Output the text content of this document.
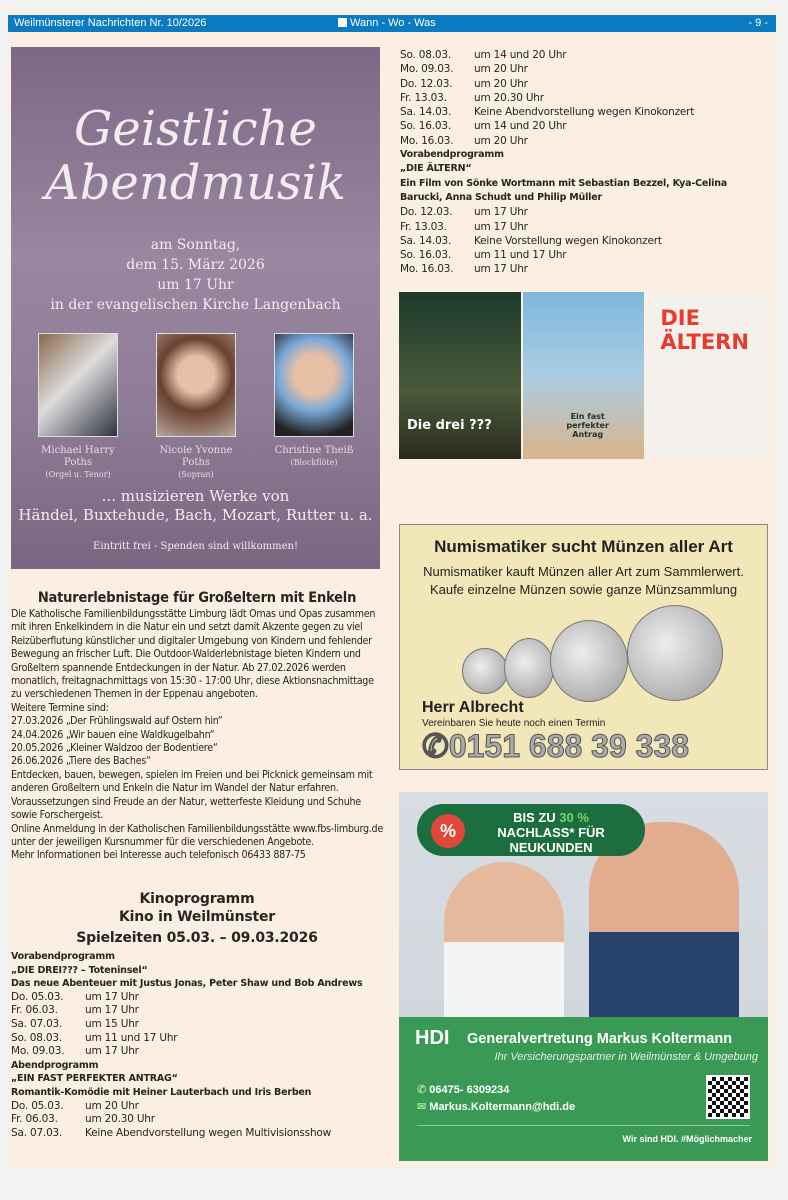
Weilmünsterer Nachrichten Nr. 10/2026	Wann - Wo - Was	- 9 -
Geistliche
Abendmusik
am Sonntag,
dem 15. März 2026
um 17 Uhr
in der evangelischen Kirche Langenbach
Michael Harry Poths
(Orgel u. Tenor)
Nicole Yvonne Poths
(Sopran)
Christine Theiß
(Blockflöte)
... musizieren Werke von
Händel, Buxtehude, Bach, Mozart, Rutter u. a.
Eintritt frei - Spenden sind willkommen!
Naturerlebnistage für Großeltern mit Enkeln

Die Katholische Familienbildungsstätte Limburg lädt Omas und Opas zusammen mit ihren Enkelkindern in die Natur ein und setzt damit Akzente gegen zu viel Reizüberflutung künstlicher und digitaler Umgebung von Kindern und fehlender Bewegung an frischer Luft. Die Outdoor-Walderlebnistage bieten Kindern und Großeltern spannende Entdeckungen in der Natur. Ab 27.02.2026 werden monatlich, freitagnachmittags von 15:30 - 17:00 Uhr, diese Aktionsnachmittage zu verschiedenen Themen in der Eppenau angeboten.

Weitere Termine sind:

27.03.2026 „Der Frühlingswald auf Ostern hin“

24.04.2026 „Wir bauen eine Waldkugelbahn“

20.05.2026 „Kleiner Waldzoo der Bodentiere“

26.06.2026 „Tiere des Baches“

Entdecken, bauen, bewegen, spielen im Freien und bei Picknick gemeinsam mit anderen Großeltern und Enkeln die Natur im Wandel der Natur erfahren. Voraussetzungen sind Freude an der Natur, wetterfeste Kleidung und Schuhe sowie Forschergeist.

Online Anmeldung in der Katholischen Familienbildungsstätte www.fbs-limburg.de unter der jeweiligen Kursnummer für die verschiedenen Angebote.

Mehr Informationen bei Interesse auch telefonisch 06433 887-75

Kinoprogramm
Kino in Weilmünster
Spielzeiten 05.03. – 09.03.2026
Vorabendprogramm
„DIE DREI??? – Toteninsel“
Das neue Abenteuer mit Justus Jonas, Peter Shaw und Bob Andrews
Do. 05.03.	um 17 Uhr
Fr. 06.03.	um 17 Uhr
Sa. 07.03.	um 15 Uhr
So. 08.03.	um 11 und 17 Uhr
Mo. 09.03.	um 17 Uhr
Abendprogramm
„EIN FAST PERFEKTER ANTRAG“
Romantik-Komödie mit Heiner Lauterbach und Iris Berben
Do. 05.03.	um 20 Uhr
Fr. 06.03.	um 20.30 Uhr
Sa. 07.03.	Keine Abendvorstellung wegen Multivisionsshow
So. 08.03.	um 14 und 20 Uhr
Mo. 09.03.	um 20 Uhr
Do. 12.03.	um 20 Uhr
Fr. 13.03.	um 20.30 Uhr
Sa. 14.03.	Keine Abendvorstellung wegen Kinokonzert
So. 16.03.	um 14 und 20 Uhr
Mo. 16.03.	um 20 Uhr
Vorabendprogramm
„DIE ÄLTERN“
Ein Film von Sönke Wortmann mit Sebastian Bezzel, Kya-Celina Barucki, Anna Schudt und Philip Müller
Do. 12.03.	um 17 Uhr
Fr. 13.03.	um 17 Uhr
Sa. 14.03.	Keine Vorstellung wegen Kinokonzert
So. 16.03.	um 11 und 17 Uhr
Mo. 16.03.	um 17 Uhr
Die drei ???
Ein fast perfekter Antrag
DIE ÄLTERN
Numismatiker sucht Münzen aller Art

Numismatiker kauft Münzen aller Art zum Sammlerwert.
Kaufe einzelne Münzen sowie ganze Münzsammlung

Herr Albrecht
Vereinbaren Sie heute noch einen Termin
✆0151 688 39 338
%
BIS ZU 30 %
NACHLASS* FÜR
NEUKUNDEN
HDI Generalvertretung Markus Koltermann
Ihr Versicherungspartner in Weilmünster & Umgebung
✆ 06475- 6309234
✉ Markus.Koltermann@hdi.de
Wir sind HDI. #Möglichmacher
